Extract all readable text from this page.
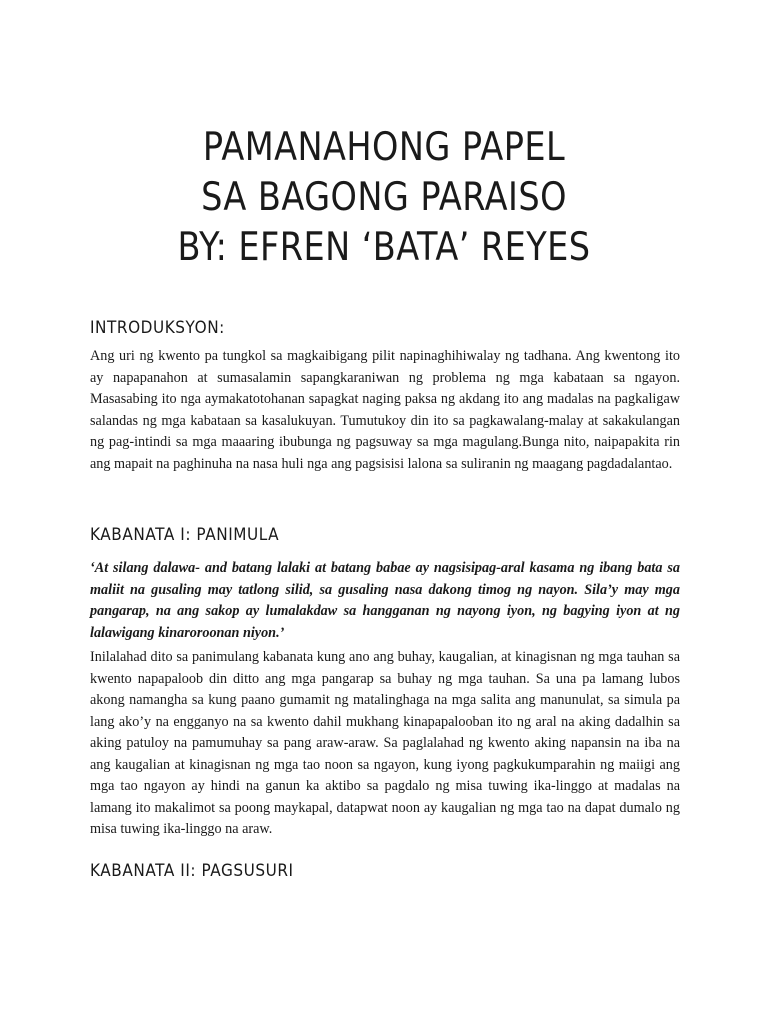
PAMANAHONG PAPEL
SA BAGONG PARAISO
BY: EFREN ‘BATA’ REYES
INTRODUKSYON:

Ang uri ng kwento pa tungkol sa magkaibigang pilit napinaghihiwalay ng tadhana. Ang kwentong ito ay napapanahon at sumasalamin sapangkaraniwan ng problema ng mga kabataan sa ngayon. Masasabing ito nga aymakatotohanan sapagkat naging paksa ng akdang ito ang madalas na pagkaligaw salandas ng mga kabataan sa kasalukuyan. Tumutukoy din ito sa pagkawalang-malay at sakakulangan ng pag-intindi sa mga maaaring ibubunga ng pagsuway sa mga magulang.Bunga nito, naipapakita rin ang mapait na paghinuha na nasa huli nga ang pagsisisi lalona sa suliranin ng maagang pagdadalantao.

KABANATA I: PANIMULA

‘At silang dalawa- and batang lalaki at batang babae ay nagsisipag-aral kasama ng ibang bata sa maliit na gusaling may tatlong silid, sa gusaling nasa dakong timog ng nayon. Sila’y may mga pangarap, na ang sakop ay lumalakdaw sa hangganan ng nayong iyon, ng bagying iyon at ng lalawigang kinaroroonan niyon.’

Inilalahad dito sa panimulang kabanata kung ano ang buhay, kaugalian, at kinagisnan ng mga tauhan sa kwento napapaloob din ditto ang mga pangarap sa buhay ng mga tauhan. Sa una pa lamang lubos akong namangha sa kung paano gumamit ng matalinghaga na mga salita ang manunulat, sa simula pa lang ako’y na engganyo na sa kwento dahil mukhang kinapapalooban ito ng aral na aking dadalhin sa aking patuloy na pamumuhay sa pang araw-araw. Sa paglalahad ng kwento aking napansin na iba na ang kaugalian at kinagisnan ng mga tao noon sa ngayon, kung iyong pagkukumparahin ng maiigi ang mga tao ngayon ay hindi na ganun ka aktibo sa pagdalo ng misa tuwing ika-linggo at madalas na lamang ito makalimot sa poong maykapal, datapwat noon ay kaugalian ng mga tao na dapat dumalo ng misa tuwing ika-linggo na araw.

KABANATA II: PAGSUSURI
